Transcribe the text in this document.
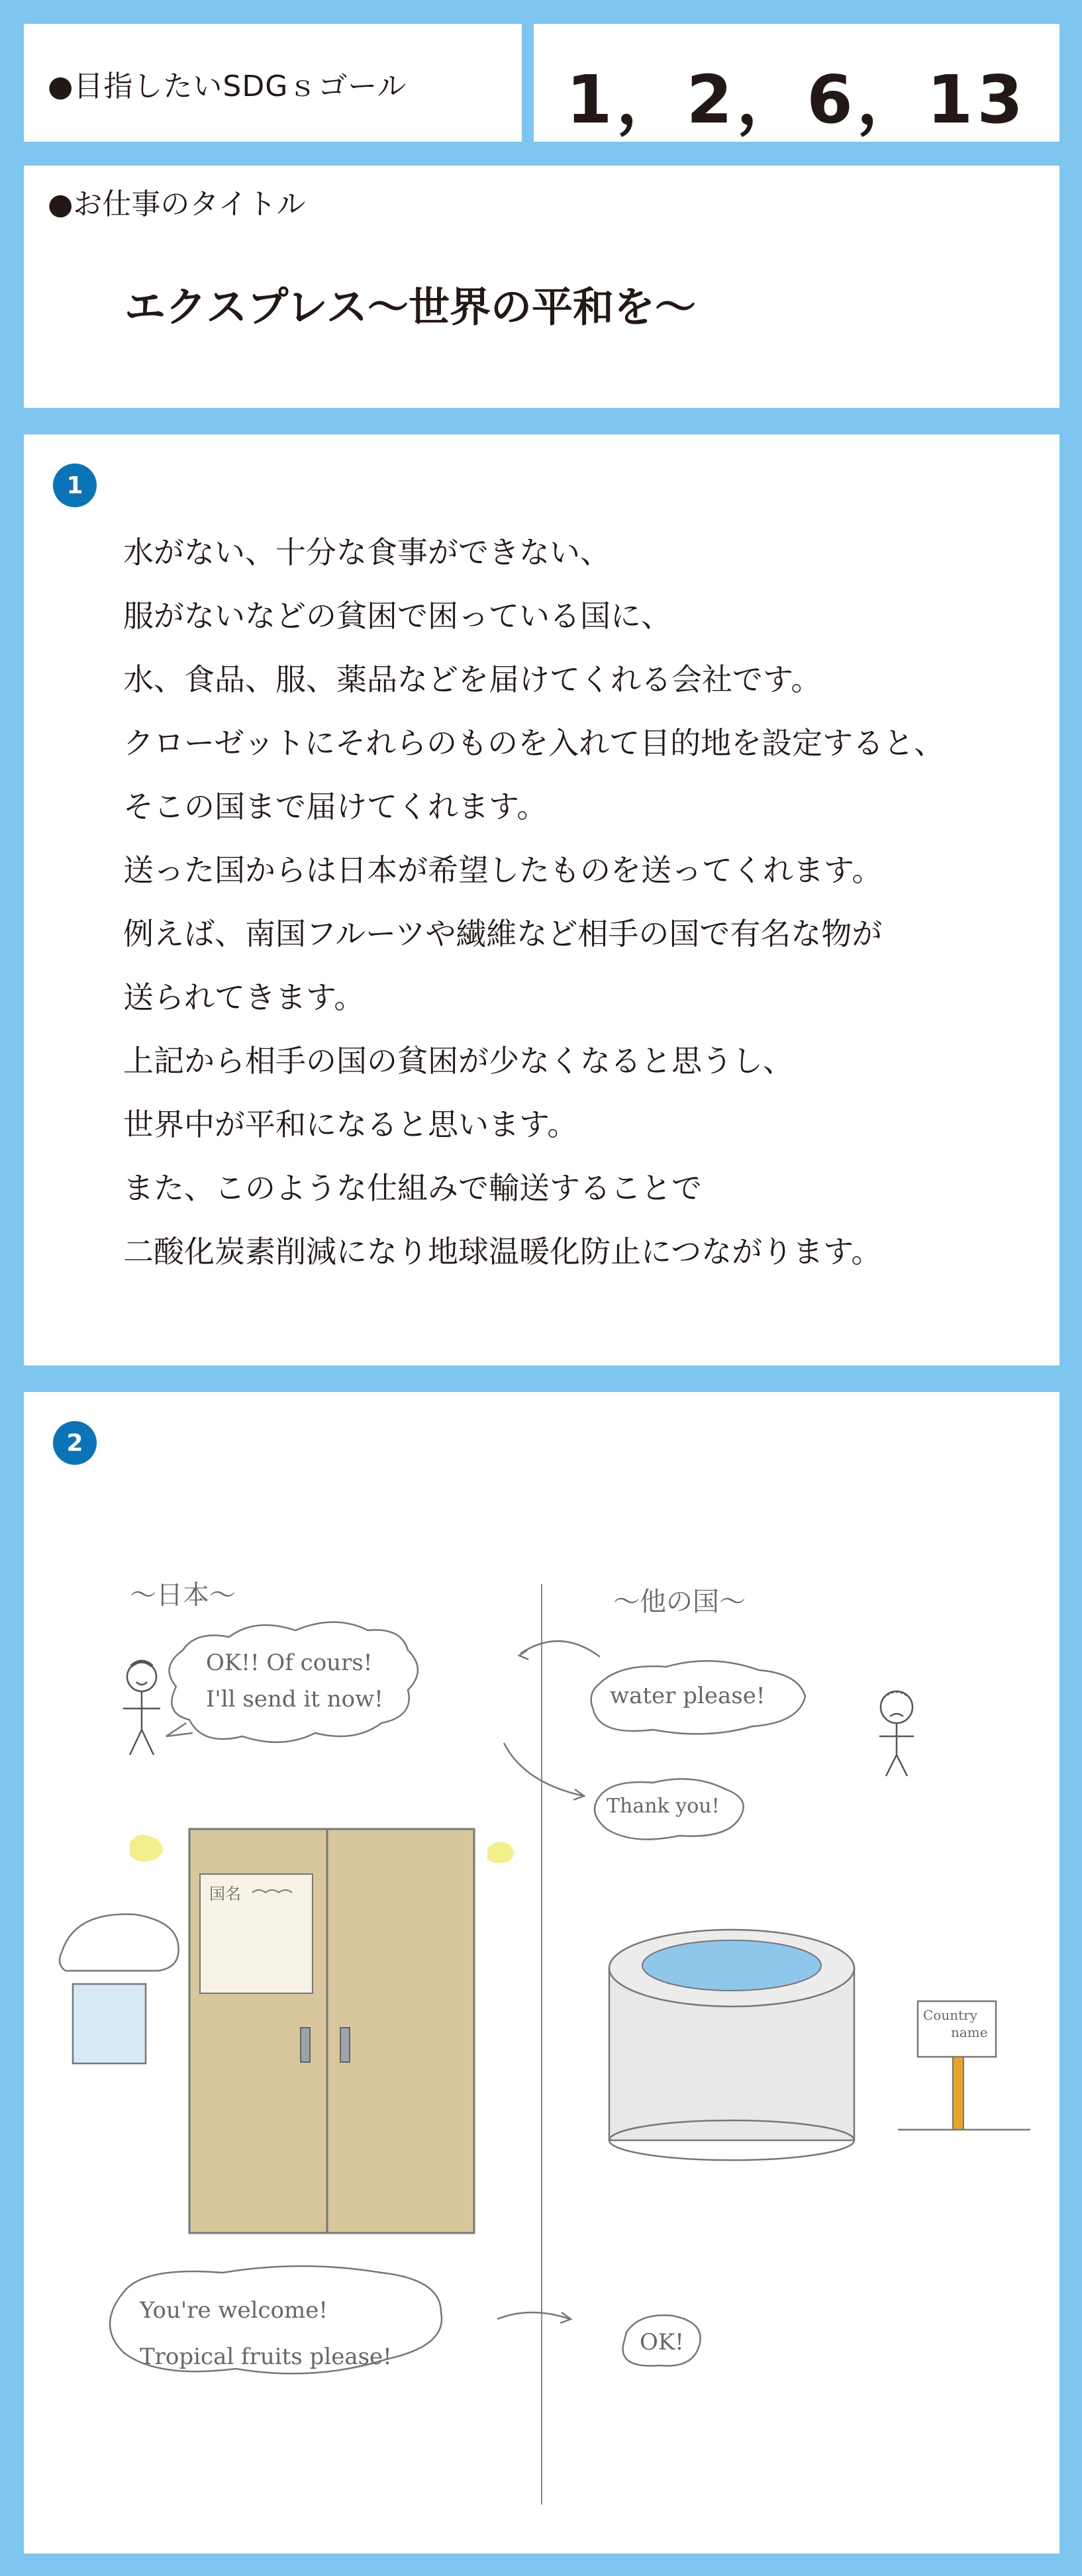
●目指したいSDGｓゴール	1，2，6，13
●お仕事のタイトル
エクスプレス〜世界の平和を〜
1
水がない、十分な食事ができない、
服がないなどの貧困で困っている国に、
水、食品、服、薬品などを届けてくれる会社です。
クローゼットにそれらのものを入れて目的地を設定すると、
そこの国まで届けてくれます。
送った国からは日本が希望したものを送ってくれます。
例えば、南国フルーツや繊維など相手の国で有名な物が
送られてきます。
上記から相手の国の貧困が少なくなると思うし、
世界中が平和になると思います。
また、このような仕組みで輸送することで
二酸化炭素削減になり地球温暖化防止につながります。
2
〜日本〜	〜他の国〜
OK!! Of cours!
I'll send it now!	water please!
Thank you!
国名
Country
name
You're welcome!
Tropical fruits please!
OK!
